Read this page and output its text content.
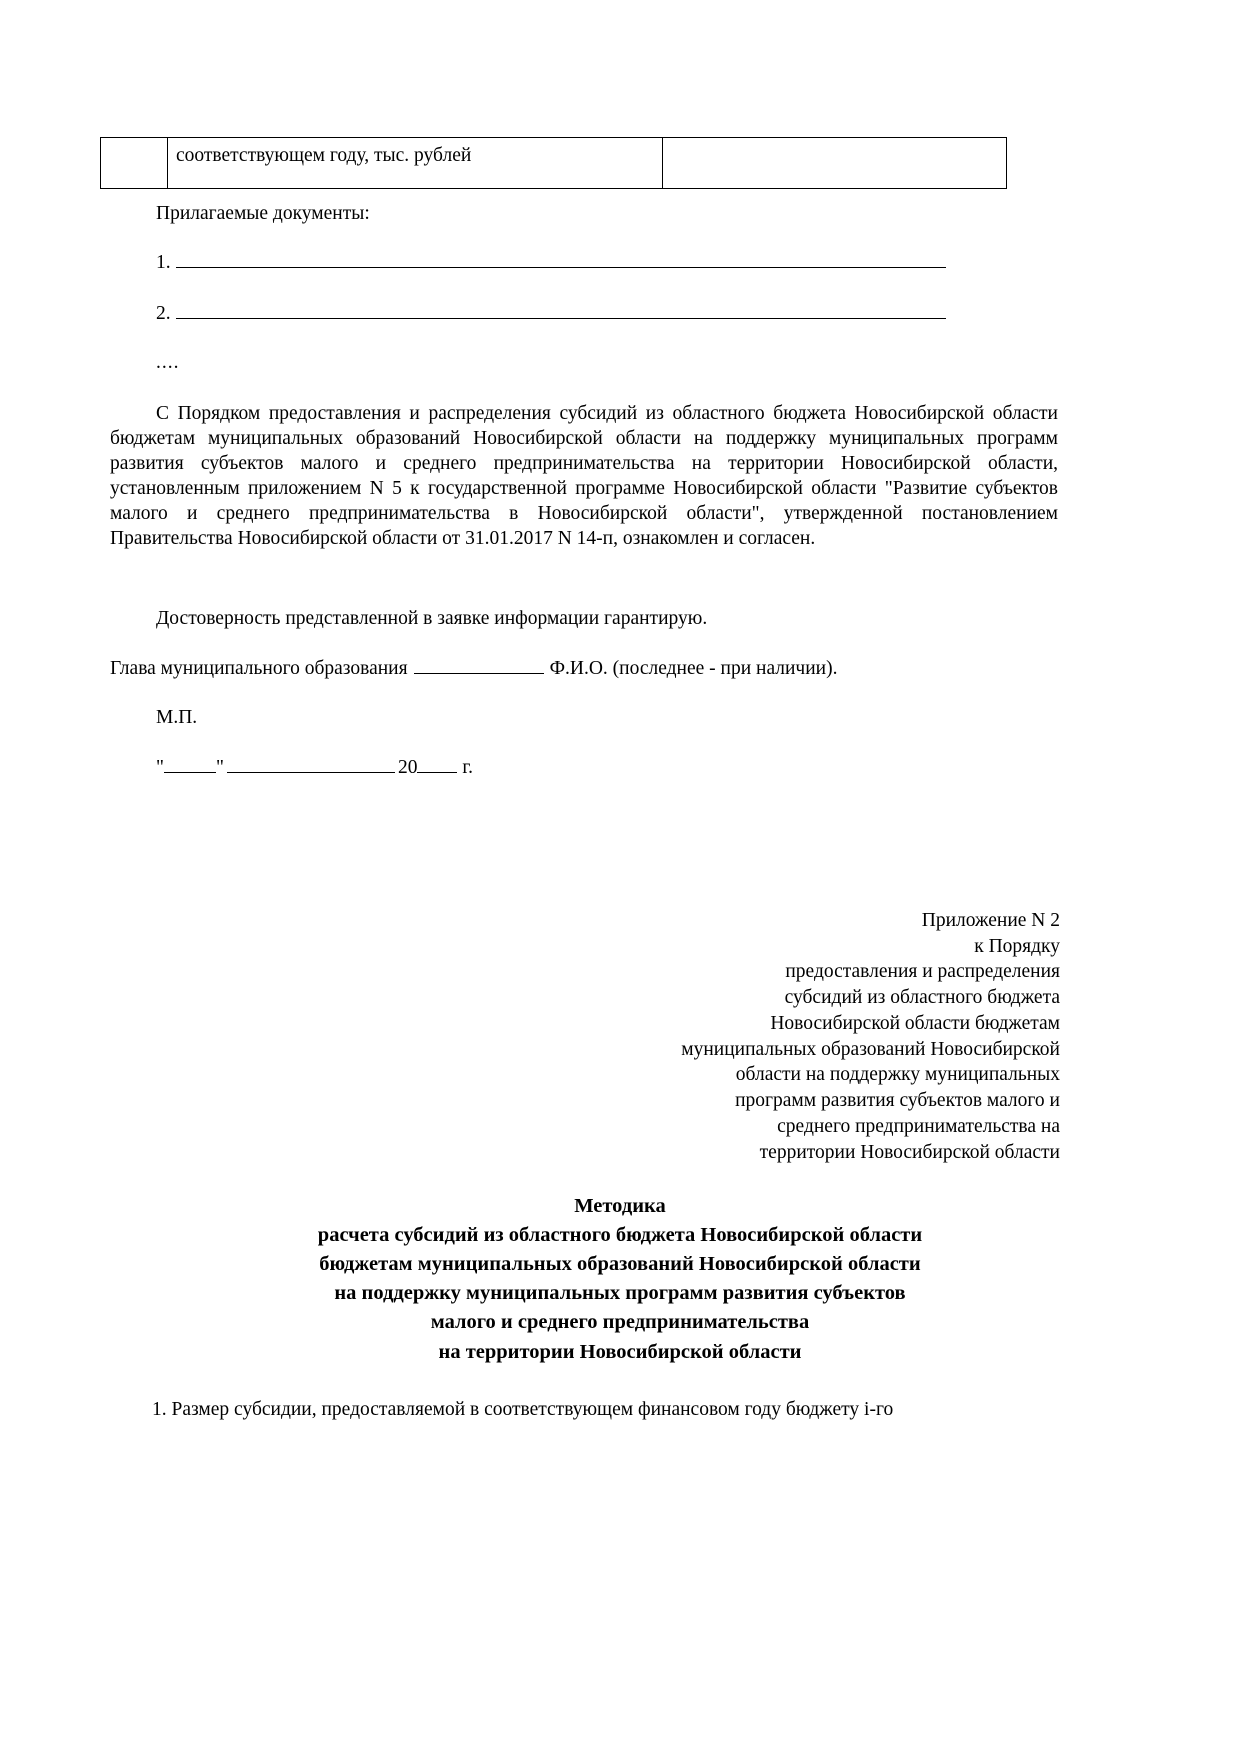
	соответствующем году, тыс. рублей	
Прилагаемые документы:
1.
2.
....

С Порядком предоставления и распределения субсидий из областного бюджета Новосибирской области бюджетам муниципальных образований Новосибирской области на поддержку муниципальных программ развития субъектов малого и среднего предпринимательства на территории Новосибирской области, установленным приложением N 5 к государственной программе Новосибирской области "Развитие субъектов малого и среднего предпринимательства в Новосибирской области", утвержденной постановлением Правительства Новосибирской области от 31.01.2017 N 14-п, ознакомлен и согласен.

Достоверность представленной в заявке информации гарантирую.
Глава муниципального образования	Ф.И.О. (последнее - при наличии).
М.П.
"	"	20 г.
Приложение N 2
к Порядку
предоставления и распределения
субсидий из областного бюджета
Новосибирской области бюджетам
муниципальных образований Новосибирской
области на поддержку муниципальных
программ развития субъектов малого и
среднего предпринимательства на
территории Новосибирской области
Методика
расчета субсидий из областного бюджета Новосибирской области
бюджетам муниципальных образований Новосибирской области
на поддержку муниципальных программ развития субъектов
малого и среднего предпринимательства
на территории Новосибирской области
1. Размер субсидии, предоставляемой в соответствующем финансовом году бюджету i-го
